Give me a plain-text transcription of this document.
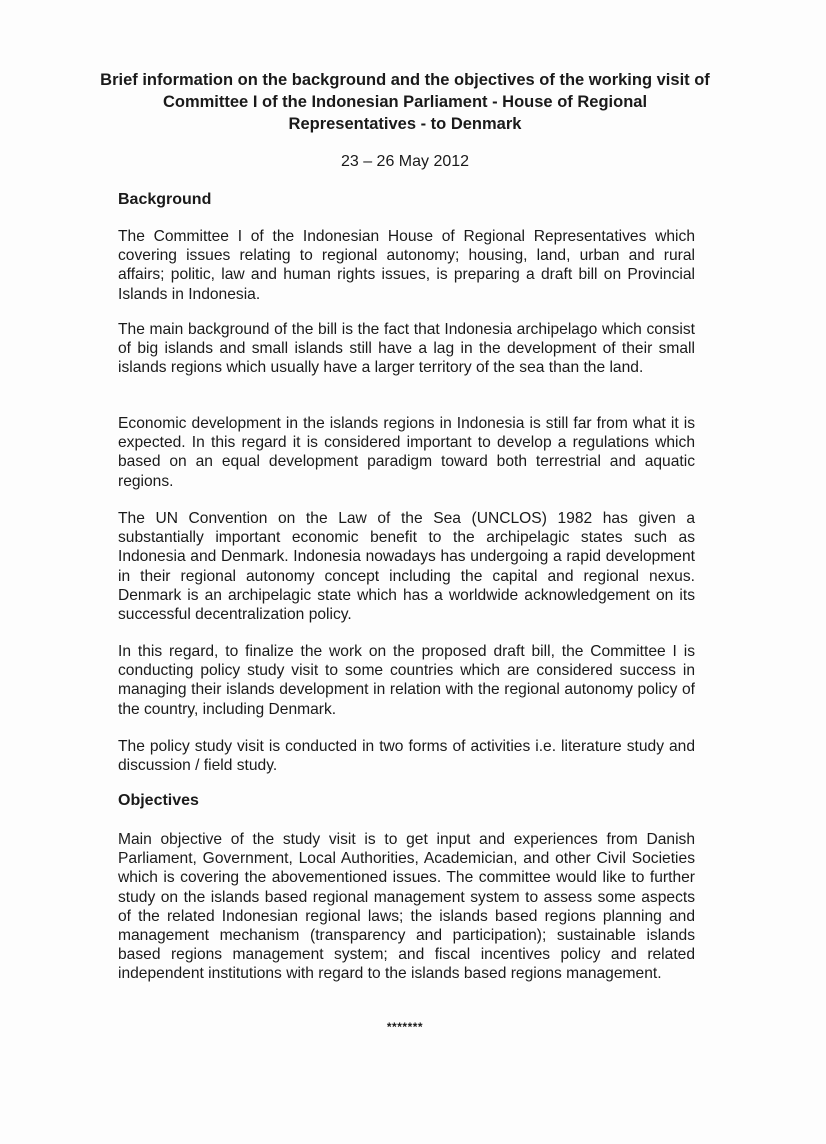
Brief information on the background and the objectives of the working visit of Committee I of the Indonesian Parliament - House of Regional Representatives - to Denmark
23 – 26 May 2012
Background

The Committee I of the Indonesian House of Regional Representatives which covering issues relating to regional autonomy; housing, land, urban and rural affairs; politic, law and human rights issues, is preparing a draft bill on Provincial Islands in Indonesia.

The main background of the bill is the fact that Indonesia archipelago which consist of big islands and small islands still have a lag in the development of their small islands regions which usually have a larger territory of the sea than the land.

Economic development in the islands regions in Indonesia is still far from what it is expected. In this regard it is considered important to develop a regulations which based on an equal development paradigm toward both terrestrial and aquatic regions.

The UN Convention on the Law of the Sea (UNCLOS) 1982 has given a substantially important economic benefit to the archipelagic states such as Indonesia and Denmark. Indonesia nowadays has undergoing a rapid development in their regional autonomy concept including the capital and regional nexus. Denmark is an archipelagic state which has a worldwide acknowledgement on its successful decentralization policy.

In this regard, to finalize the work on the proposed draft bill, the Committee I is conducting policy study visit to some countries which are considered success in managing their islands development in relation with the regional autonomy policy of the country, including Denmark.

The policy study visit is conducted in two forms of activities i.e. literature study and discussion / field study.

Objectives

Main objective of the study visit is to get input and experiences from Danish Parliament, Government, Local Authorities, Academician, and other Civil Societies which is covering the abovementioned issues. The committee would like to further study on the islands based regional management system to assess some aspects of the related Indonesian regional laws; the islands based regions planning and management mechanism (transparency and participation); sustainable islands based regions management system; and fiscal incentives policy and related independent institutions with regard to the islands based regions management.

*******
